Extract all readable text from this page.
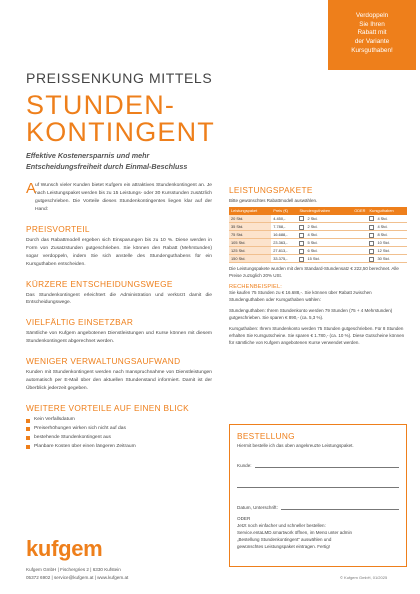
Verdoppeln
Sie Ihren
Rabatt mit
der Variante
Kursguthaben!
PREISSENKUNG MITTELS
STUNDEN-
KONTINGENT
Effektive Kostenersparnis und mehr
Entscheidungsfreiheit durch Einmal-Beschluss
A
uf Wunsch vieler Kunden bietet Kufgem ein attraktives Stundenkontingent an. Je nach Leistungspaket werden bis zu 15 Leistungs- oder 30 Kursstunden zusätzlich gutgeschrieben. Die Vorteile dieses Stundenkontingentes liegen klar auf der Hand:
PREISVORTEIL
Durch das Rabattmodell ergeben sich Einsparungen bis zu 10 %. Diese werden in Form von Zusatzstunden gutgeschrieben. Sie können den Rabatt (Mehrstunden) sogar verdoppeln, indem Sie sich anstelle des Stundenguthabens für ein Kursguthaben entscheiden.
KÜRZERE ENTSCHEIDUNGSWEGE
Das Stundenkontingent erleichtert die Administration und verkürzt damit die Entscheidungswege.
VIELFÄLTIG EINSETZBAR
Sämtliche von Kufgem angebotenen Dienstleistungen und Kurse können mit diesem Stundenkontingent abgerechnet werden.
WENIGER VERWALTUNGSAUFWAND
Kunden mit Stundenkontingent werden nach Inanspruchnahme von Dienstleistungen automatisch per E-Mail über den aktuellen Stundenstand informiert. Damit ist der Überblick jederzeit gegeben.
WEITERE VORTEILE AUF EINEN BLICK
Kein Verfallsdatum
Preiserhöhungen wirken sich nicht auf das
bestehende Stundenkontingent aus
Planbare Kosten über einen längeren Zeitraum
LEISTUNGSPAKETE
Bitte gewünschtes Rabattmodell auswählen.
Leistungspaket	Preis (€)	Stundenguthaben	ODER	Kursguthaben
20 Std.	4.450,-	2 Std.		4 Std.
35 Std.	7.788,-	2 Std.		4 Std.
75 Std.	16.688,-	4 Std.		8 Std.
105 Std.	23.363,-	5 Std.		10 Std.
125 Std.	27.813,-	6 Std.		12 Std.
150 Std.	33.375,-	15 Std.		30 Std.
Die Leistungspakete wurden mit dem Standard-Stundensatz € 222,50 berechnet. Alle Preise zuzüglich 20% USt.
RECHENBEISPIEL:
Sie kaufen 75 Stunden zu € 16.688,-. Sie können über Rabatt zwischen Stundenguthaben oder Kursguthaben wählen:
Stundenguthaben: Ihrem Stundenkonto werden 79 Stunden (75 + 4 Mehrstunden) gutgeschrieben. Sie sparen € 890,- (ca. 5,3 %).
Kursguthaben: Ihrem Stundenkonto werden 75 Stunden gutgeschrieben. Für 8 Stunden erhalten Sie Kursgutscheine. Sie sparen € 1.780,- (ca. 10 %). Diese Gutscheine können für sämtliche von Kufgem angebotenen Kurse verwendet werden.
BESTELLUNG
Hiermit bestelle ich das oben angekreuzte Leistungspaket.
Kunde:
Datum, Unterschrift:
ODER
Jetzt noch einfacher und schneller bestellen:
Service.entaLMD.smartwork öffnen, im Menü unter admin
„Bestellung Stundenkontingent“ auswählen und
gewünschtes Leistungspaket eintragen. Fertig!
kufgem
Kufgem GmbH | Fischergries 2 | 6330 Kufstein
05372 6902 | service@kufgem.at | www.kufgem.at	© Kufgem GmbH, 01/2025
